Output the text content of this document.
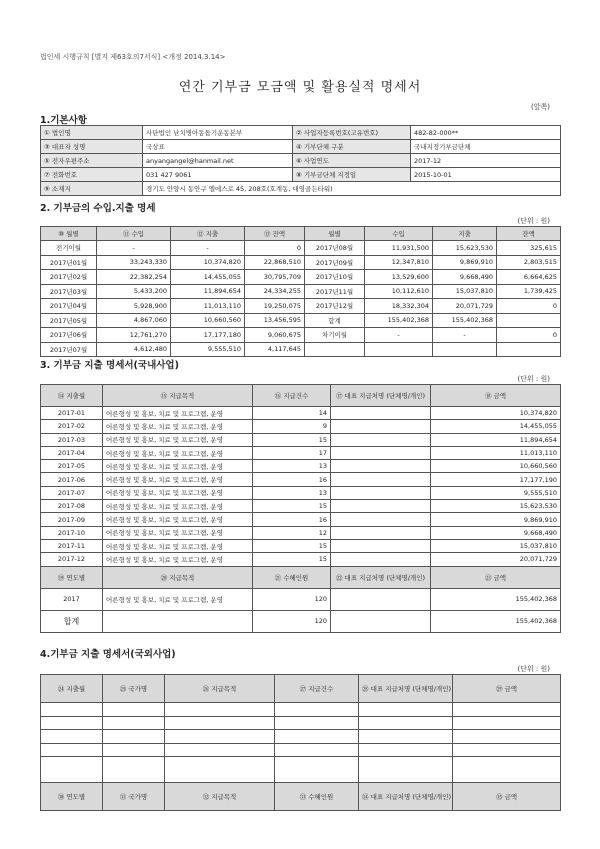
법인세 시행규칙 [별지 제63호의7서식] <개정 2014.3.14>
연간 기부금 모금액 및 활용실적 명세서
(앞쪽)
1.기본사항
① 법인명	사단법인 난치병아동돕기운동본부	② 사업자등록번호(고유번호)	482-82-000**
③ 대표자 성명	국상표	④ 기부단체 구분	국내지정기부금단체
⑤ 전자우편주소	anyangangel@hanmail.net	⑥ 사업연도	2017-12
⑦ 전화번호	031 427 9061	⑧ 기부금단체 지정일	2015-10-01
⑨ 소재지	경기도 안양시 동안구 엘에스로 45, 208호(호계동, 대영골든타워)		
2. 기부금의 수입.지출 명세
(단위 : 원)
⑩ 월별	⑪ 수입	⑫ 지출	⑬ 잔액	월별	수입	지출	잔액
전기이월	-	-	0	2017년08월	11,931,500	15,623,530	325,615
2017년01월	33,243,330	10,374,820	22,868,510	2017년09월	12,347,810	9,869,910	2,803,515
2017년02월	22,382,254	14,455,055	30,795,709	2017년10월	13,529,600	9,668,490	6,664,625
2017년03월	5,433,200	11,894,654	24,334,255	2017년11월	10,112,610	15,037,810	1,739,425
2017년04월	5,928,900	11,013,110	19,250,075	2017년12월	18,332,304	20,071,729	0
2017년05월	4,867,060	10,660,560	13,456,595	합계	155,402,368	155,402,368	
2017년06월	12,761,270	17,177,180	9,060,675	차기이월	-	-	0
2017년07월	4,612,480	9,555,510	4,117,645				
3. 기부금 지출 명세서(국내사업)
(단위 : 원)
⑭ 지출월	⑮ 지급목적	⑯ 지급건수	⑰ 대표 지급처명 (단체명/개인)	⑱ 금액
2017-01	어른형성 및 홍보, 치료 및 프로그램, 운영	14		10,374,820
2017-02	어른형성 및 홍보, 치료 및 프로그램, 운영	9		14,455,055
2017-03	어른형성 및 홍보, 치료 및 프로그램, 운영	15		11,894,654
2017-04	어른형성 및 홍보, 치료 및 프로그램, 운영	17		11,013,110
2017-05	어른형성 및 홍보, 치료 및 프로그램, 운영	13		10,660,560
2017-06	어른형성 및 홍보, 치료 및 프로그램, 운영	16		17,177,190
2017-07	어른형성 및 홍보, 치료 및 프로그램, 운영	13		9,555,510
2017-08	어른형성 및 홍보, 치료 및 프로그램, 운영	15		15,623,530
2017-09	어른형성 및 홍보, 치료 및 프로그램, 운영	16		9,869,910
2017-10	어른형성 및 홍보, 치료 및 프로그램, 운영	12		9,668,490
2017-11	어른형성 및 홍보, 치료 및 프로그램, 운영	15		15,037,810
2017-12	어른형성 및 홍보, 치료 및 프로그램, 운영	15		20,071,729
⑲ 연도별	⑳ 지급목적	㉑ 수혜인원	㉒ 대표 지급처명 (단체명/개인)	㉓ 금액
2017	어른형성 및 홍보, 치료 및 프로그램, 운영	120		155,402,368
합계		120		155,402,368
4.기부금 지출 명세서(국외사업)
(단위 : 원)
㉔ 지출월	㉕ 국가명	㉖ 지급목적	㉗ 지급건수	㉘ 대표 지급처명 (단체명/개인)	㉙ 금액

㉚ 연도별	㉛ 국가명	㉜ 지급목적	㉝ 수혜인원	㉞ 대표 지급처명 (단체명/개인)	㉟ 금액
